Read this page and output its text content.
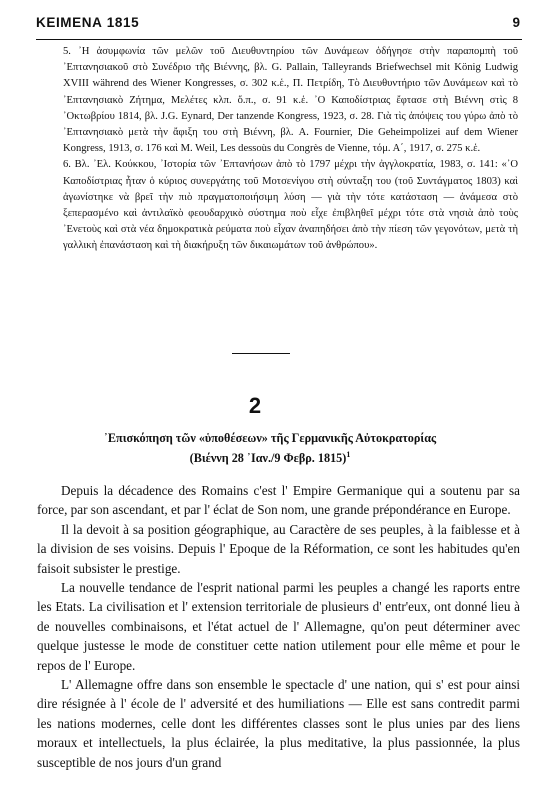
ΚΕΙΜΕΝΑ 1815	9

5. ᾿Η ἀσυμφωνία τῶν μελῶν τοῦ Διευθυντηρίου τῶν Δυνάμεων ὁδήγησε στὴν παραπομπὴ τοῦ ᾿Επτανησιακοῦ στὸ Συνέδριο τῆς Βιέννης, βλ. G. Pallain, Talleyrands Briefwechsel mit König Ludwig XVIII während des Wiener Kongresses, σ. 302 κ.ἑ., Π. Πετρίδη, Τὸ Διευθυντήριο τῶν Δυνάμεων καὶ τὸ ᾿Επτανησιακὸ Ζήτημα, Μελέτες κλπ. ὅ.π., σ. 91 κ.ἑ. ᾿Ο Καποδίστριας ἔφτασε στὴ Βιέννη στὶς 8 ᾿Οκτωβρίου 1814, βλ. J.G. Eynard, Der tanzende Kongress, 1923, σ. 28. Γιὰ τὶς ἀπόψεις του γύρω ἀπὸ τὸ ᾿Επτανησιακὸ μετὰ τὴν ἄφιξη του στὴ Βιέννη, βλ. A. Fournier, Die Geheimpolizei auf dem Wiener Kongress, 1913, σ. 176 καὶ M. Weil, Les dessoùs du Congrès de Vienne, τόμ. Α΄, 1917, σ. 275 κ.ἑ.

6. Βλ. ᾿Ελ. Κούκκου, ᾿Ιστορία τῶν ᾿Επτανήσων ἀπὸ τὸ 1797 μέχρι τὴν ἀγγλοκρατία, 1983, σ. 141: «᾿Ο Καποδίστριας ἦταν ὁ κύριος συνεργάτης τοῦ Μοτσενίγου στὴ σύνταξη του (τοῦ Συντάγματος 1803) καὶ ἀγωνίστηκε νὰ βρεῖ τὴν πιὸ πραγματοποιήσιμη λύση — γιὰ τὴν τότε κατάσταση — ἀνάμεσα στὸ ξεπερασμένο καὶ ἀντιλαϊκὸ φεουδαρχικὸ σύστημα ποὺ εἶχε ἐπιβληθεῖ μέχρι τότε στὰ νησιὰ ἀπὸ τοὺς ᾿Ενετοὺς καὶ στὰ νέα δημοκρατικὰ ρεύματα ποὺ εἶχαν ἀναπηδήσει ἀπὸ τὴν πίεση τῶν γεγονότων, μετὰ τὴ γαλλικὴ ἐπανάσταση καὶ τὴ διακήρυξη τῶν δικαιωμάτων τοῦ ἀνθρώπου».

2
᾿Επισκόπηση τῶν «ὑποθέσεων» τῆς Γερμανικῆς Αὐτοκρατορίας
(Βιέννη 28 ᾿Ιαν./9 Φεβρ. 1815)$^1$

Depuis la décadence des Romains c'est l' Empire Germanique qui a soutenu par sa force, par son ascendant, et par l' éclat de Son nom, une grande prépondérance en Europe.

Il la devoit à sa position géographique, au Caractère de ses peuples, à la faiblesse et à la division de ses voisins. Depuis l' Epoque de la Réformation, ce sont les habitudes qu'en faisoit subsister le prestige.

La nouvelle tendance de l'esprit national parmi les peuples a changé les raports entre les Etats. La civilisation et l' extension territoriale de plusieurs d' entr'eux, ont donné lieu à de nouvelles combinaisons, et l'état actuel de l' Allemagne, qu'on peut déterminer avec quelque justesse le mode de constituer cette nation utilement pour elle même et pour le repos de l' Europe.

L' Allemagne offre dans son ensemble le spectacle d' une nation, qui s' est pour ainsi dire résignée à l' école de l' adversité et des humiliations — Elle est sans contredit parmi les nations modernes, celle dont les différentes classes sont le plus unies par des liens moraux et intellectuels, la plus éclairée, la plus meditative, la plus passionnée, la plus susceptible de nos jours d'un grand
